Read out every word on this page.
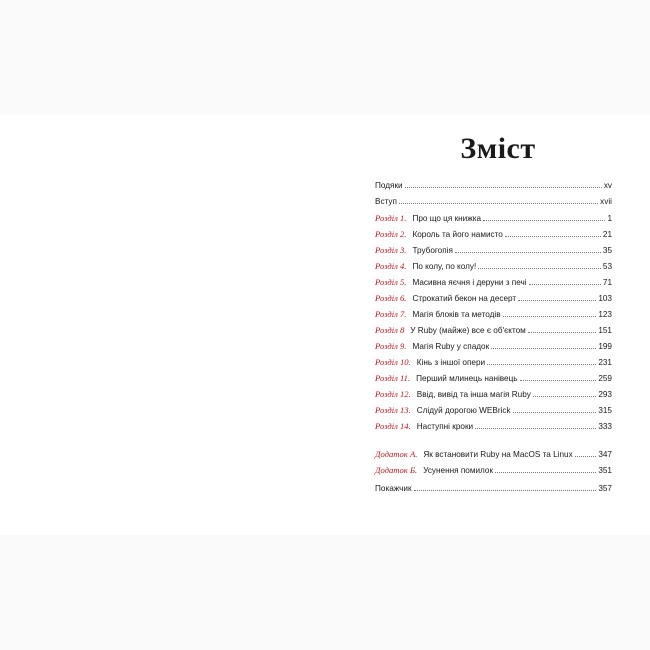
Зміст
Подяки	xv
Вступ	xvii
Розділ 1. Про що ця книжка	1
Розділ 2. Король та його намисто	21
Розділ 3. Трубогопія	35
Розділ 4. По колу, по колу!	53
Розділ 5. Масивна яєчня і деруни з печі	71
Розділ 6. Строкатий бекон на десерт	103
Розділ 7. Магія блоків та методів	123
Розділ 8 У Ruby (майже) все є об'єктом	151
Розділ 9. Магія Ruby у спадок	199
Розділ 10. Кінь з іншої опери	231
Розділ 11. Перший млинець нанівець	259
Розділ 12. Ввід, вивід та інша магія Ruby	293
Розділ 13. Слідуй дорогою WEBrick	315
Розділ 14. Наступні кроки	333
Додаток А. Як встановити Ruby на MacOS та Linux	347
Додаток Б. Усунення помилок	351
Покажчик	357
